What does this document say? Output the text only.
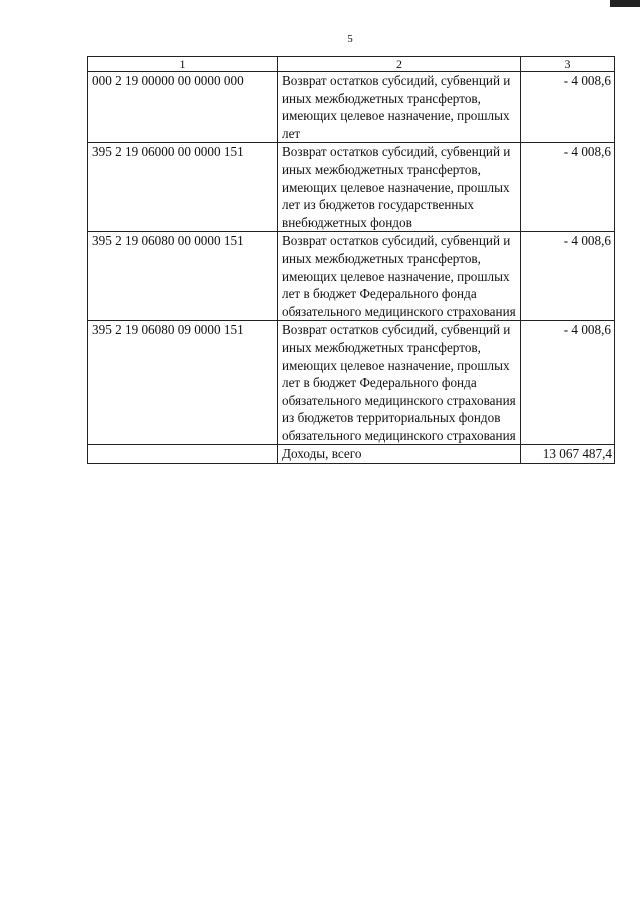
5
1	2	3
000 2 19 00000 00 0000 000	Возврат остатков субсидий, субвенций и иных межбюджетных трансфертов, имеющих целевое назначение, прошлых лет	- 4 008,6
395 2 19 06000 00 0000 151	Возврат остатков субсидий, субвенций и иных межбюджетных трансфертов, имеющих целевое назначение, прошлых лет из бюджетов государственных внебюджетных фондов	- 4 008,6
395 2 19 06080 00 0000 151	Возврат остатков субсидий, субвенций и иных межбюджетных трансфертов, имеющих целевое назначение, прошлых лет в бюджет Федерального фонда обязательного медицинского страхования	- 4 008,6
395 2 19 06080 09 0000 151	Возврат остатков субсидий, субвенций и иных межбюджетных трансфертов, имеющих целевое назначение, прошлых лет в бюджет Федерального фонда обязательного медицинского страхования из бюджетов территориальных фондов обязательного медицинского страхования	- 4 008,6
	Доходы, всего	13 067 487,4
